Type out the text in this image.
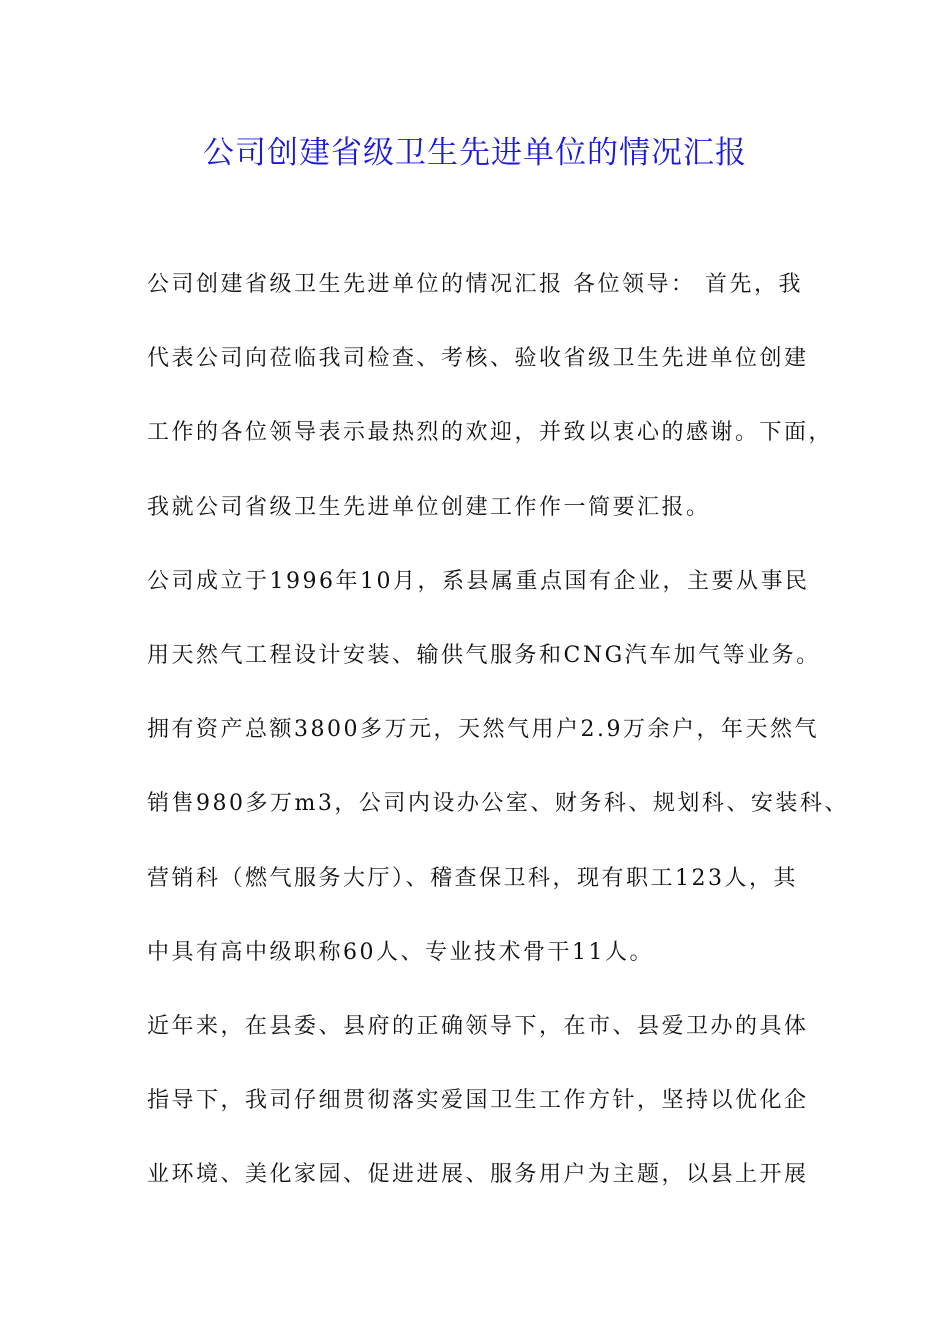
公司创建省级卫生先进单位的情况汇报
公司创建省级卫生先进单位的情况汇报 各位领导： 首先，我
代表公司向莅临我司检查、考核、验收省级卫生先进单位创建
工作的各位领导表示最热烈的欢迎，并致以衷心的感谢。下面，
我就公司省级卫生先进单位创建工作作一简要汇报。
公司成立于1996年10月，系县属重点国有企业，主要从事民
用天然气工程设计安装、输供气服务和CNG汽车加气等业务。
拥有资产总额3800多万元，天然气用户2.9万余户，年天然气
销售980多万m3，公司内设办公室、财务科、规划科、安装科、
营销科（燃气服务大厅）、稽查保卫科，现有职工123人，其
中具有高中级职称60人、专业技术骨干11人。
近年来，在县委、县府的正确领导下，在市、县爱卫办的具体
指导下，我司仔细贯彻落实爱国卫生工作方针，坚持以优化企
业环境、美化家园、促进进展、服务用户为主题，以县上开展
